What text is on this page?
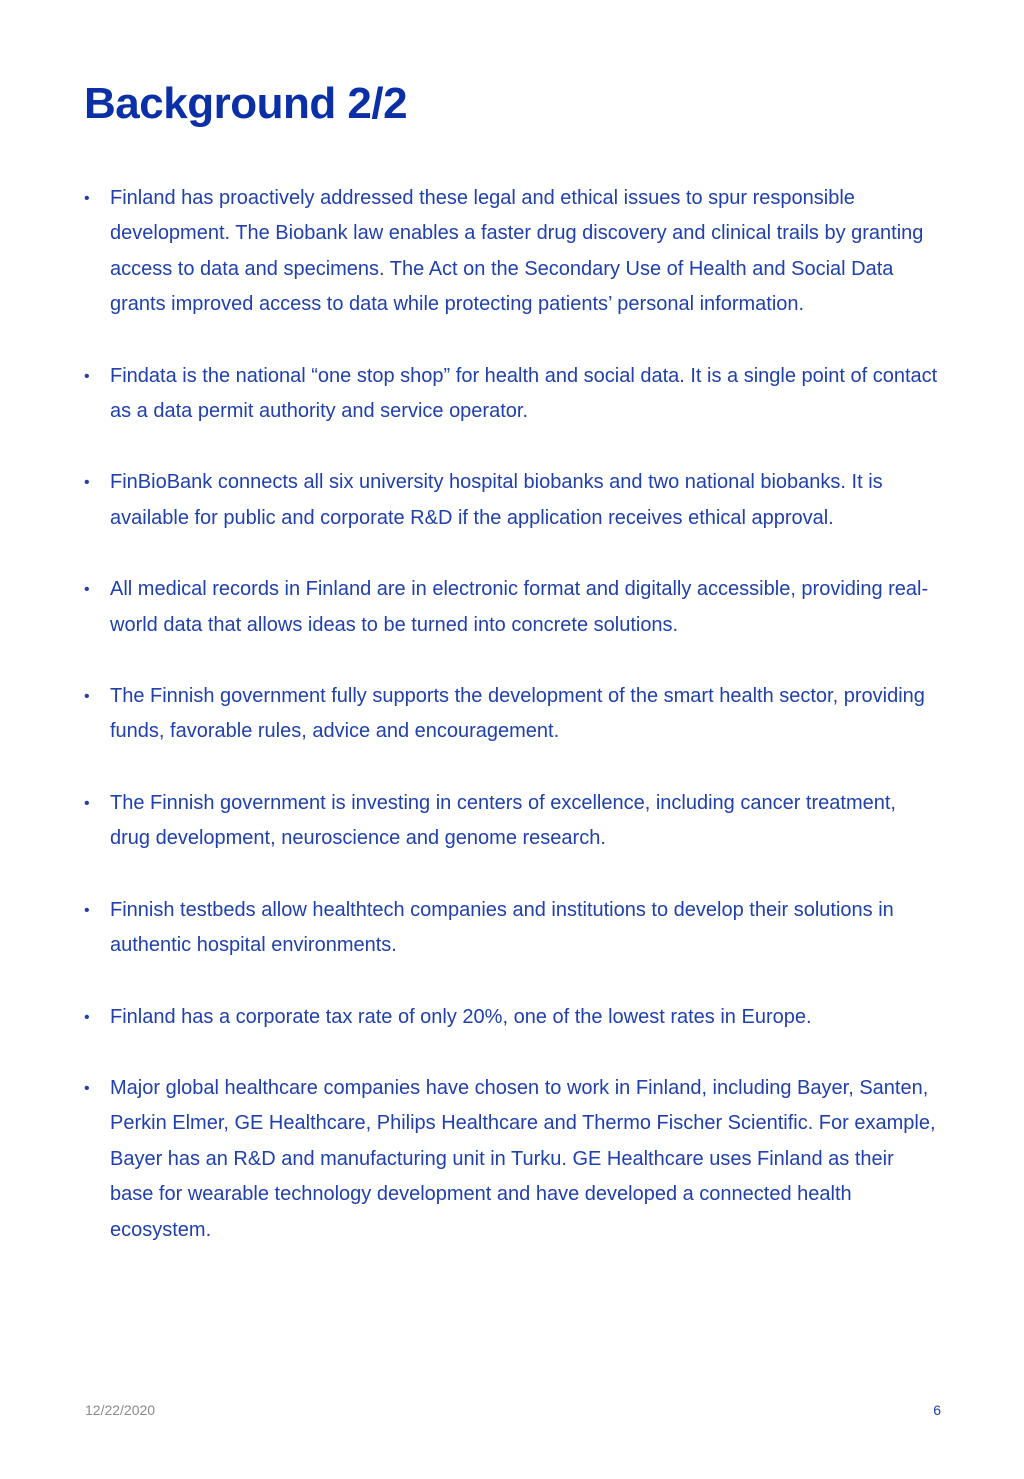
Background 2/2
• Finland has proactively addressed these legal and ethical issues to spur responsible development. The Biobank law enables a faster drug discovery and clinical trails by granting access to data and specimens. The Act on the Secondary Use of Health and Social Data grants improved access to data while protecting patients’ personal information.
• Findata is the national “one stop shop” for health and social data. It is a single point of contact as a data permit authority and service operator.
• FinBioBank connects all six university hospital biobanks and two national biobanks. It is available for public and corporate R&D if the application receives ethical approval.
• All medical records in Finland are in electronic format and digitally accessible, providing real-world data that allows ideas to be turned into concrete solutions.
• The Finnish government fully supports the development of the smart health sector, providing funds, favorable rules, advice and encouragement.
• The Finnish government is investing in centers of excellence, including cancer treatment, drug development, neuroscience and genome research.
• Finnish testbeds allow healthtech companies and institutions to develop their solutions in authentic hospital environments.
• Finland has a corporate tax rate of only 20%, one of the lowest rates in Europe.
• Major global healthcare companies have chosen to work in Finland, including Bayer, Santen, Perkin Elmer, GE Healthcare, Philips Healthcare and Thermo Fischer Scientific. For example, Bayer has an R&D and manufacturing unit in Turku. GE Healthcare uses Finland as their base for wearable technology development and have developed a connected health ecosystem.
12/22/2020	6
